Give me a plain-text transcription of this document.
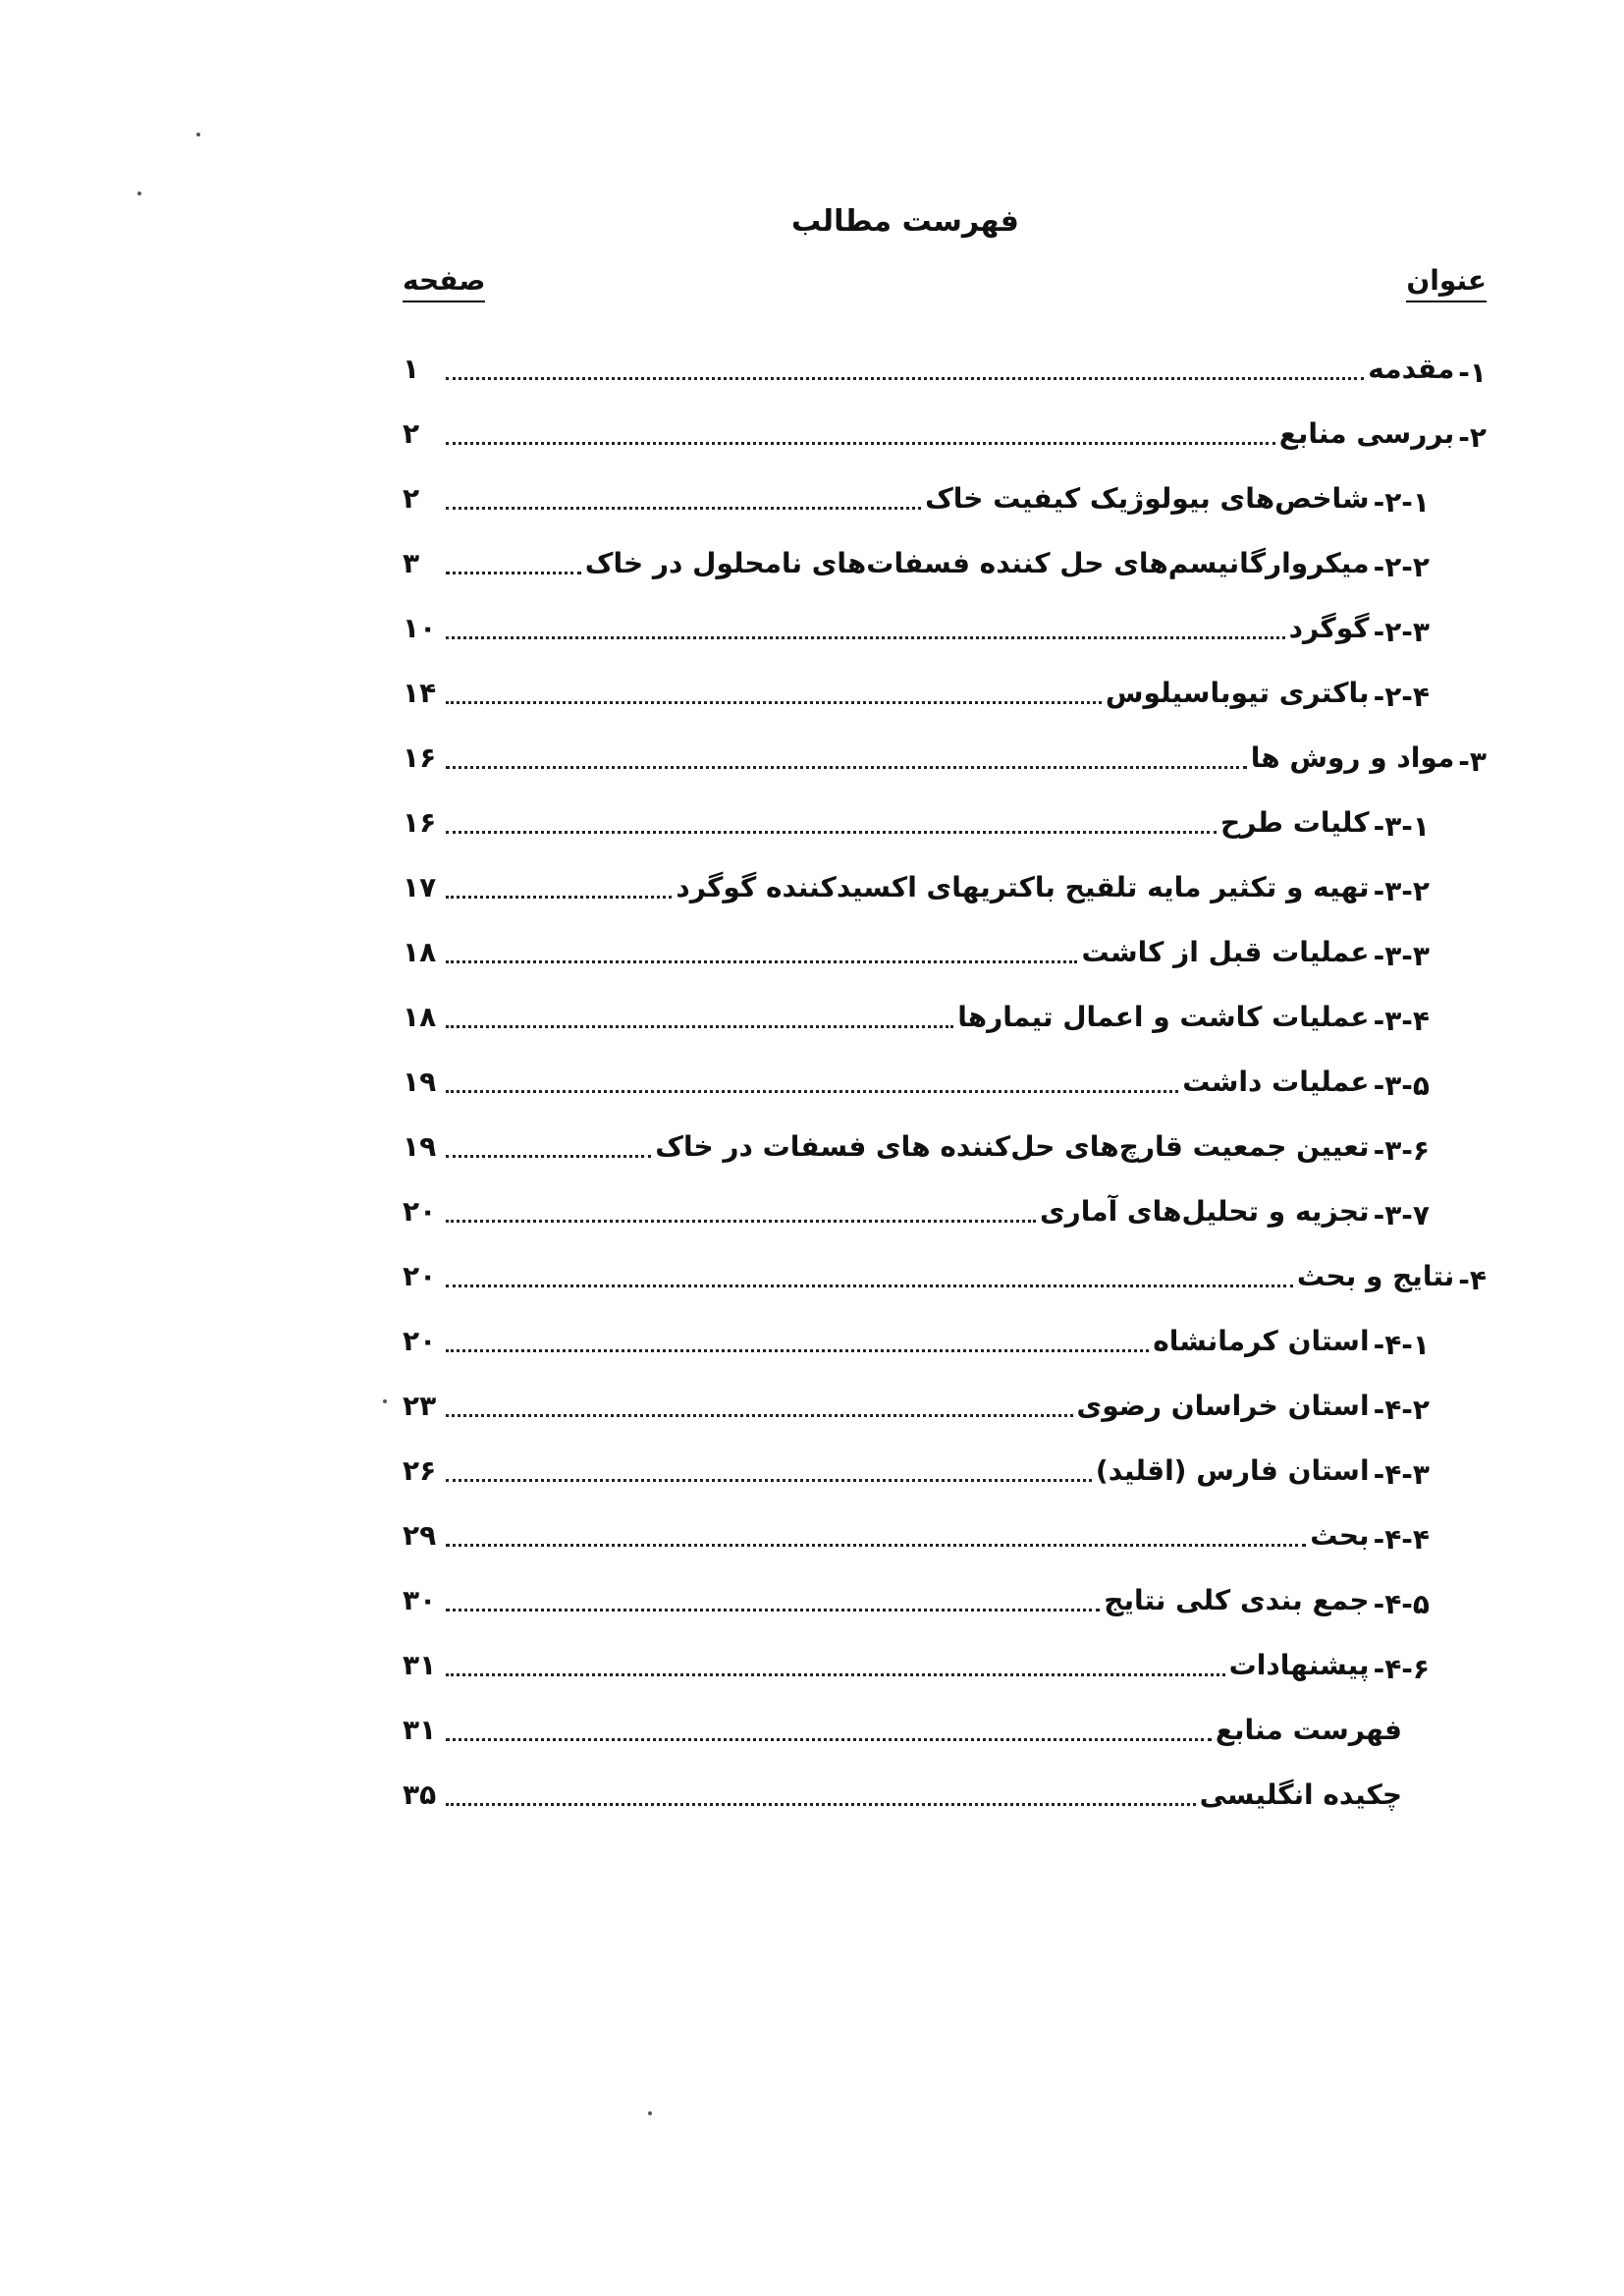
فهرست مطالب
عنوان
صفحه
۱-
مقدمه
۱
۲-
بررسی منابع
۲
۲-۱-
شاخص‌های بیولوژیک کیفیت خاک
۲
۲-۲-
میکروارگانیسم‌های حل کننده فسفات‌های نامحلول در خاک
۳
۲-۳-
گوگرد
۱۰
۲-۴-
باکتری تیوباسیلوس
۱۴
۳-
مواد و روش ها
۱۶
۳-۱-
کلیات طرح
۱۶
۳-۲-
تهیه و تکثیر مایه تلقیح باکتریهای اکسیدکننده گوگرد
۱۷
۳-۳-
عملیات قبل از کاشت
۱۸
۳-۴-
عملیات کاشت و اعمال تیمارها
۱۸
۳-۵-
عملیات داشت
۱۹
۳-۶-
تعیین جمعیت قارچ‌های حل‌کننده های فسفات در خاک
۱۹
۳-۷-
تجزیه و تحلیل‌های آماری
۲۰
۴-
نتایج و بحث
۲۰
۴-۱-
استان کرمانشاه
۲۰
۴-۲-
استان خراسان رضوی
۲۳
۴-۳-
استان فارس (اقلید)
۲۶
۴-۴-
بحث
۲۹
۴-۵-
جمع بندی کلی نتایج
۳۰
۴-۶-
پیشنهادات
۳۱
فهرست منابع
۳۱
چکیده انگلیسی
۳۵
